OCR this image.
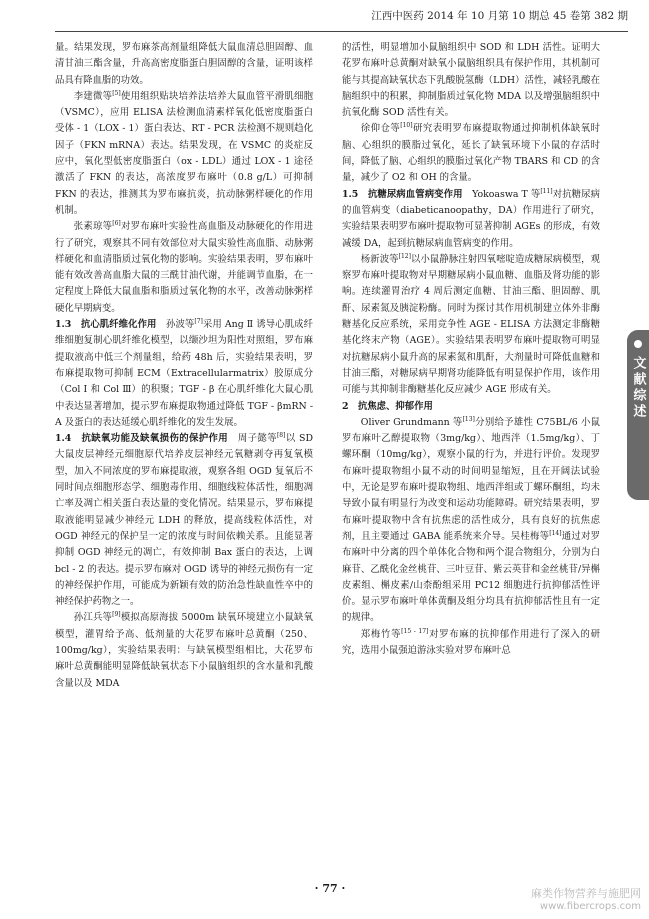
江西中医药 2014 年 10 月第 10 期总 45 卷第 382 期

量。结果发现，罗布麻茶高剂量组降低大鼠血清总胆固醇、血清甘油三酯含量，升高高密度脂蛋白胆固醇的含量，证明该样品具有降血脂的功效。

李建微等[5]使用组织贴块培养法培养大鼠血管平滑肌细胞（VSMC），应用 ELISA 法检测血清素样氧化低密度脂蛋白受体 - 1（LOX - 1）蛋白表达、RT - PCR 法检测不规则趋化因子（FKN mRNA）表达。结果发现，在 VSMC 的炎症反应中，氧化型低密度脂蛋白（ox - LDL）通过 LOX - 1 途径激活了 FKN 的表达，高浓度罗布麻叶（0.8 g/L）可抑制 FKN 的表达，推测其为罗布麻抗炎，抗动脉粥样硬化的作用机制。

张素琼等[6]对罗布麻叶实验性高血脂及动脉硬化的作用进行了研究，观察其不同有效部位对大鼠实验性高血脂、动脉粥样硬化和血清脂质过氧化物的影响。实验结果表明，罗布麻叶能有效改善高血脂大鼠的三酰甘油代谢，并能调节血脂，在一定程度上降低大鼠血脂和脂质过氧化物的水平，改善动脉粥样硬化早期病变。

1.3　 抗心肌纤维化作用　 孙波等[7]采用 Ang Ⅱ 诱导心肌成纤维细胞复制心肌纤维化模型，以缬沙坦为阳性对照组，罗布麻提取液高中低三个剂量组，给药 48h 后，实验结果表明，罗布麻提取物可抑制 ECM（Extracellularmatrix）胶原成分（Col Ⅰ 和 Col Ⅲ）的积聚；TGF - β 在心肌纤维化大鼠心肌中表达显著增加，提示罗布麻提取物通过降低 TGF - βmRN - A 及蛋白的表达延缓心肌纤维化的发生发展。

1.4　 抗缺氧功能及缺氧损伤的保护作用　 周子懿等[8]以 SD 大鼠皮层神经元细胞原代培养皮层神经元氧糖剥夺再复氧模型，加入不同浓度的罗布麻提取液，观察各组 OGD 复氧后不同时间点细胞形态学、细胞毒作用、细胞线粒体活性，细胞凋亡率及凋亡相关蛋白表达量的变化情况。结果显示，罗布麻提取液能明显减少神经元 LDH 的释放，提高线粒体活性，对 OGD 神经元的保护呈一定的浓度与时间依赖关系。且能显著抑制 OGD 神经元的凋亡，有效抑制 Bax 蛋白的表达，上调 bcl - 2 的表达。提示罗布麻对 OGD 诱导的神经元损伤有一定的神经保护作用，可能成为新颖有效的防治急性缺血性卒中的神经保护药物之一。

孙江兵等[9]模拟高原海拔 5000m 缺氧环境建立小鼠缺氧模型，灌胃给予高、低剂量的大花罗布麻叶总黄酮（250、100mg/kg），实验结果表明：与缺氧模型组相比，大花罗布麻叶总黄酮能明显降低缺氧状态下小鼠脑组织的含水量和乳酸含量以及 MDA

的活性，明显增加小鼠脑组织中 SOD 和 LDH 活性。证明大花罗布麻叶总黄酮对缺氧小鼠脑组织具有保护作用，其机制可能与其提高缺氧状态下乳酸脱氢酶（LDH）活性，减轻乳酸在脑组织中的积累，抑制脂质过氧化物 MDA 以及增强脑组织中抗氧化酶 SOD 活性有关。

徐仰仓等[10]研究表明罗布麻提取物通过抑制机体缺氧时脑、心组织的膜脂过氧化，延长了缺氧环境下小鼠的存活时间，降低了脑、心组织的膜脂过氧化产物 TBARS 和 CD 的含量，减少了 O2 和 OH 的含量。

1.5　 抗糖尿病血管病变作用　 Yokoaswa T 等[11]对抗糖尿病的血管病变（diabeticanoopathy，DA）作用进行了研究，实验结果表明罗布麻叶提取物可显著抑制 AGEs 的形成，有效减缓 DA，起到抗糖尿病血管病变的作用。

杨新波等[12]以小鼠静脉注射四氧嘧啶造成糖尿病模型，观察罗布麻叶提取物对早期糖尿病小鼠血糖、血脂及肾功能的影响。连续灌胃治疗 4 周后测定血糖、甘油三酯、胆固醇、肌酐、尿素氮及胰淀粉酶。同时为探讨其作用机制建立体外非酶糖基化反应系统，采用竞争性 AGE - ELISA 方法测定非酶糖基化终末产物（AGE）。实验结果表明罗布麻叶提取物可明显对抗糖尿病小鼠升高的尿素氮和肌酐，大剂量时可降低血糖和甘油三酯，对糖尿病早期肾功能降低有明显保护作用，该作用可能与其抑制非酶糖基化反应减少 AGE 形成有关。

2　 抗焦虑、抑郁作用

Oliver Grundmann 等[13]分别给予雄性 C75BL/6 小鼠罗布麻叶乙醇提取物（3mg/kg）、地西泮（1.5mg/kg）、丁螺环酮（10mg/kg），观察小鼠的行为，并进行评价。发现罗布麻叶提取物组小鼠不动的时间明显缩短，且在开阔法试验中，无论是罗布麻叶提取物组、地西泮组或丁螺环酮组，均未导致小鼠有明显行为改变和运动功能障碍。研究结果表明，罗布麻叶提取物中含有抗焦虑的活性成分，具有良好的抗焦虑剂，且主要通过 GABA 能系统来介导。吴桂梅等[14]通过对罗布麻叶中分离的四个单体化合物和两个混合物组分，分别为白麻苷、乙酰化金丝桃苷、三叶豆苷、紫云英苷和金丝桃苷/异槲皮素组、槲皮素/山柰酚组采用 PC12 细胞进行抗抑郁活性评价。显示罗布麻叶单体黄酮及组分均具有抗抑郁活性且有一定的规律。

郑梅竹等[15 - 17]对罗布麻的抗抑郁作用进行了深入的研究，选用小鼠强迫游泳实验对罗布麻叶总

文献综述
· 77 ·	麻类作物营养与施肥网
www.fibercrops.com
